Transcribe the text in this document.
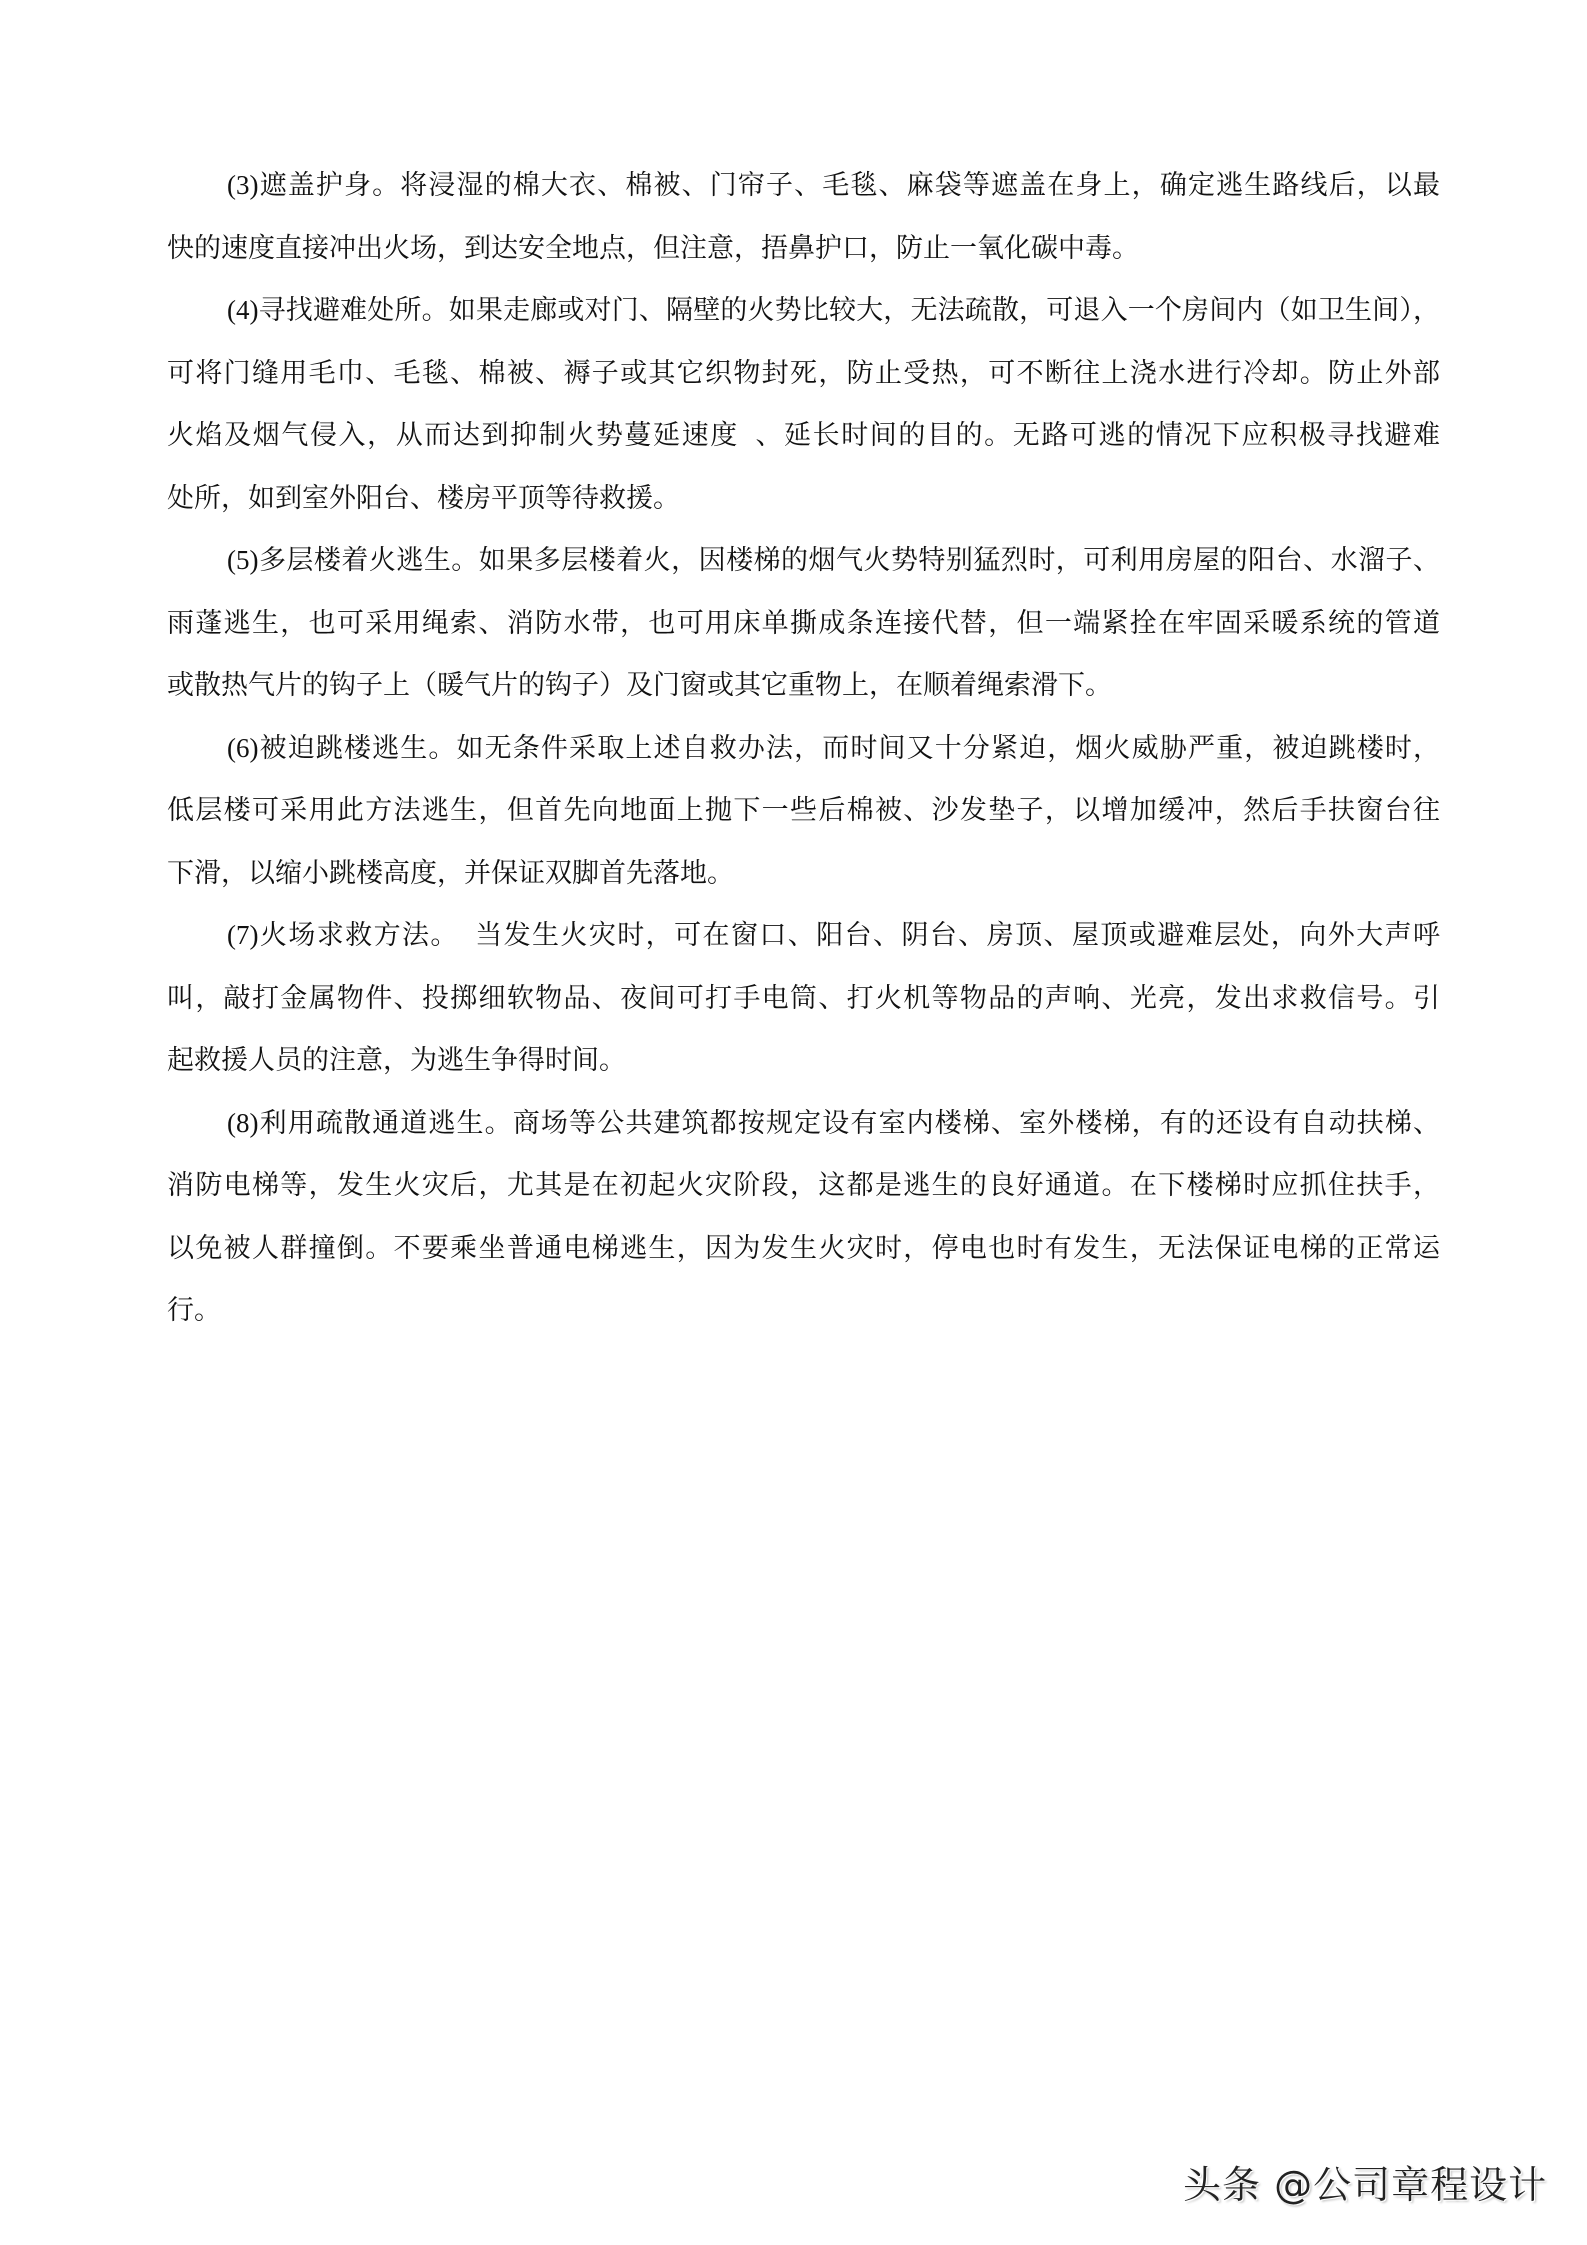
(3)遮盖护身。将浸湿的棉大衣、棉被、门帘子、毛毯、麻袋等遮盖在身上，确定逃生路线后，以最
快的速度直接冲出火场，到达安全地点，但注意，捂鼻护口，防止一氧化碳中毒。
(4)寻找避难处所。如果走廊或对门、隔壁的火势比较大，无法疏散，可退入一个房间内（如卫生间），
可将门缝用毛巾、毛毯、棉被、褥子或其它织物封死，防止受热，可不断往上浇水进行冷却。防止外部
火焰及烟气侵入，从而达到抑制火势蔓延速度  、延长时间的目的。无路可逃的情况下应积极寻找避难
处所，如到室外阳台、楼房平顶等待救援。
(5)多层楼着火逃生。如果多层楼着火，因楼梯的烟气火势特别猛烈时，可利用房屋的阳台、水溜子、
雨蓬逃生，也可采用绳索、消防水带，也可用床单撕成条连接代替，但一端紧拴在牢固采暖系统的管道
或散热气片的钩子上（暖气片的钩子）及门窗或其它重物上，在顺着绳索滑下。
(6)被迫跳楼逃生。如无条件采取上述自救办法，而时间又十分紧迫，烟火威胁严重，被迫跳楼时，
低层楼可采用此方法逃生，但首先向地面上抛下一些后棉被、沙发垫子，以增加缓冲，然后手扶窗台往
下滑，以缩小跳楼高度，并保证双脚首先落地。
(7)火场求救方法。  当发生火灾时，可在窗口、阳台、阴台、房顶、屋顶或避难层处，向外大声呼
叫，敲打金属物件、投掷细软物品、夜间可打手电筒、打火机等物品的声响、光亮，发出求救信号。引
起救援人员的注意，为逃生争得时间。
(8)利用疏散通道逃生。商场等公共建筑都按规定设有室内楼梯、室外楼梯，有的还设有自动扶梯、
消防电梯等，发生火灾后，尤其是在初起火灾阶段，这都是逃生的良好通道。在下楼梯时应抓住扶手，
以免被人群撞倒。不要乘坐普通电梯逃生，因为发生火灾时，停电也时有发生，无法保证电梯的正常运
行。
头条 @公司章程设计
